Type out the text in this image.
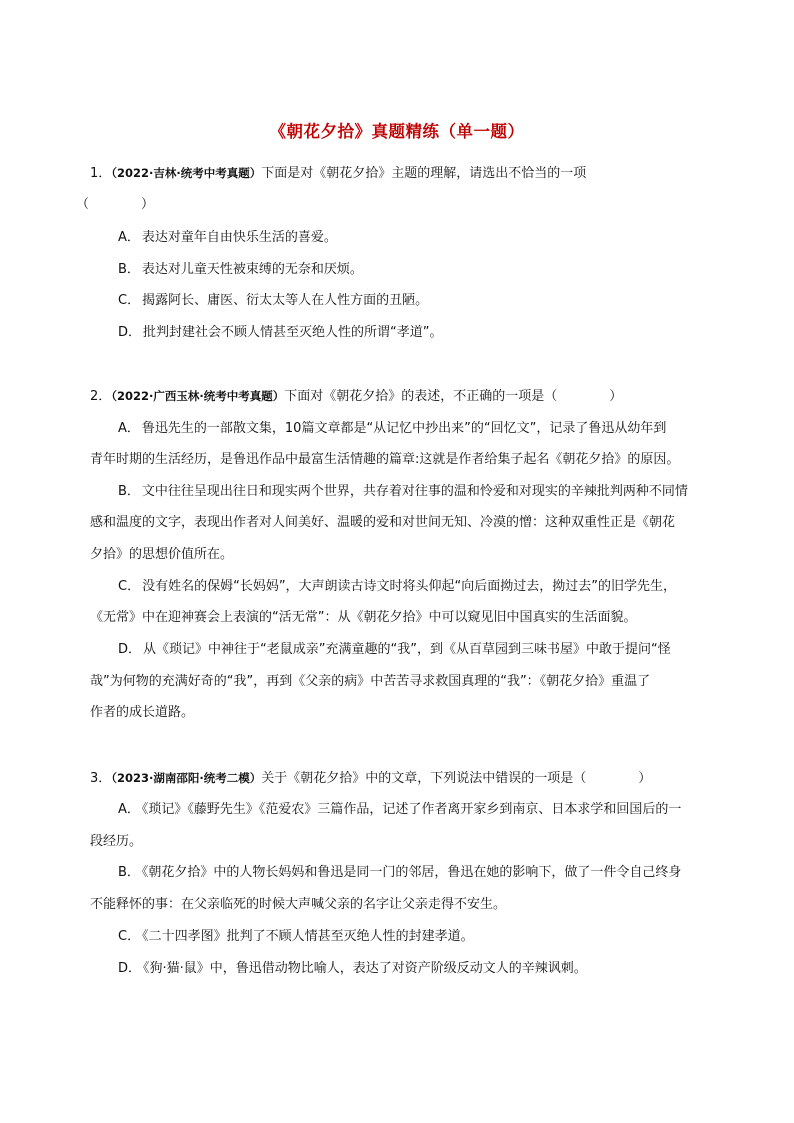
《朝花夕拾》真题精练（单一题）
1．（2022·吉林·统考中考真题）下面是对《朝花夕拾》主题的理解，请选出不恰当的一项
（　　　　）
A． 表达对童年自由快乐生活的喜爱。
B． 表达对儿童天性被束缚的无奈和厌烦。
C． 揭露阿长、庸医、衍太太等人在人性方面的丑陋。
D． 批判封建社会不顾人情甚至灭绝人性的所谓“孝道”。
2．（2022·广西玉林·统考中考真题）下面对《朝花夕拾》的表述，不正确的一项是（　　　　）
A． 鲁迅先生的一部散文集，10篇文章都是“从记忆中抄出来”的“回忆文”，记录了鲁迅从幼年到
青年时期的生活经历，是鲁迅作品中最富生活情趣的篇章:这就是作者给集子起名《朝花夕拾》的原因。
B． 文中往往呈现出往日和现实两个世界，共存着对往事的温和怜爱和对现实的辛辣批判两种不同情
感和温度的文字，表现出作者对人间美好、温暖的爱和对世间无知、冷漠的憎：这种双重性正是《朝花
夕拾》的思想价值所在。
C． 没有姓名的保姆“长妈妈”，大声朗读古诗文时将头仰起“向后面拗过去，拗过去”的旧学先生，
《无常》中在迎神赛会上表演的“活无常”：从《朝花夕拾》中可以窥见旧中国真实的生活面貌。
D． 从《琐记》中神往于“老鼠成亲”充满童趣的“我”，到《从百草园到三味书屋》中敢于提问“怪
哉”为何物的充满好奇的“我”，再到《父亲的病》中苦苦寻求救国真理的“我”：《朝花夕拾》重温了
作者的成长道路。
3．（2023·湖南邵阳·统考二模）关于《朝花夕拾》中的文章，下列说法中错误的一项是（　　　　）
A． 《琐记》《藤野先生》《范爱农》三篇作品，记述了作者离开家乡到南京、日本求学和回国后的一
段经历。
B． 《朝花夕拾》中的人物长妈妈和鲁迅是同一门的邻居，鲁迅在她的影响下，做了一件令自己终身
不能释怀的事：在父亲临死的时候大声喊父亲的名字让父亲走得不安生。
C． 《二十四孝图》批判了不顾人情甚至灭绝人性的封建孝道。
D． 《狗·猫·鼠》中，鲁迅借动物比喻人，表达了对资产阶级反动文人的辛辣讽刺。
